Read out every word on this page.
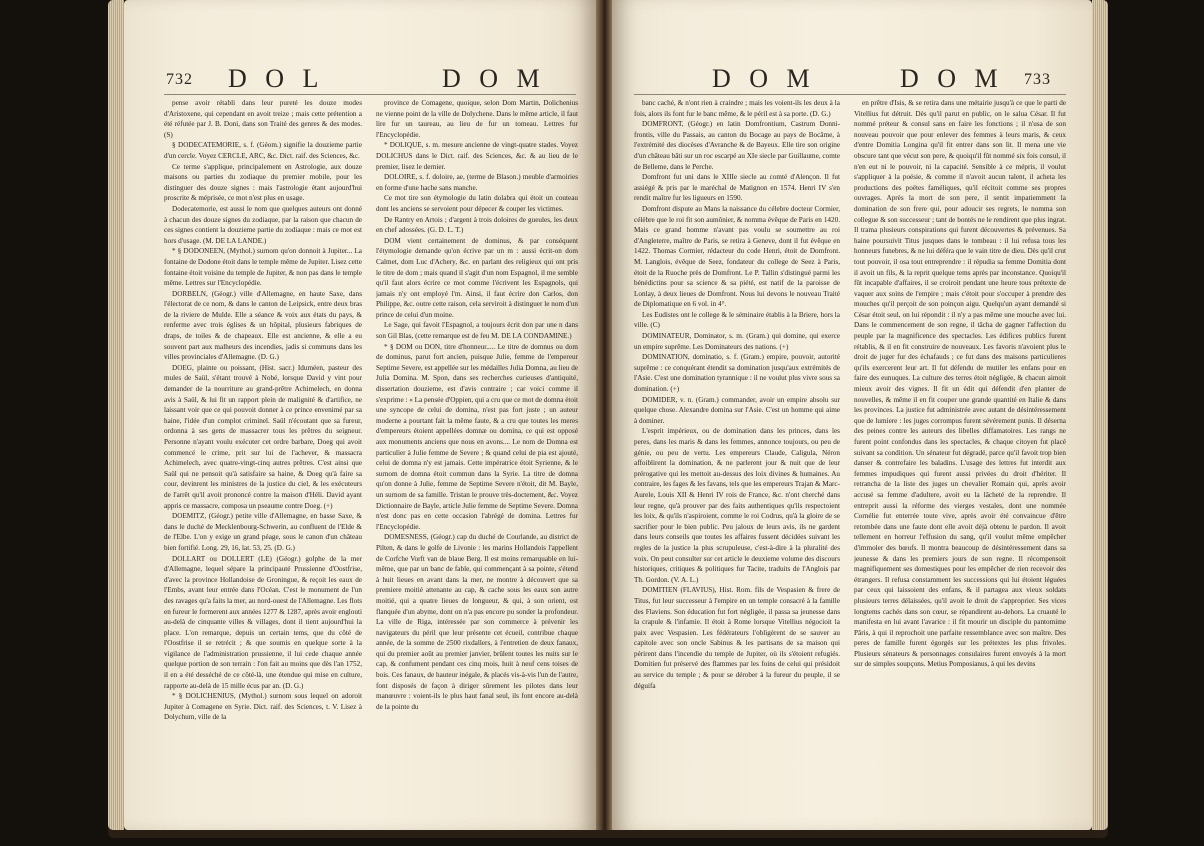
732 D O L	D O M

pense avoir rétabli dans leur pureté les douze modes d'Aristoxene, qui cependant en avoit treize ; mais cette prétention a été réfutée par J. B. Doni, dans son Traité des genres & des modes. (S)

§ DODECATEMORIE, s. f. (Géom.) signifie la douzieme partie d'un cercle. Voyez CERCLE, ARC, &c. Dict. raif. des Sciences, &c.

Ce terme s'applique, principalement en Astrologie, aux douze maisons ou parties du zodiaque du premier mobile, pour les distinguer des douze signes : mais l'astrologie étant aujourd'hui proscrite & méprisée, ce mot n'est plus en usage.

Dodecatemorie, est aussi le nom que quelques auteurs ont donné à chacun des douze signes du zodiaque, par la raison que chacun de ces signes contient la douzieme partie du zodiaque : mais ce mot est hors d'usage. (M. DE LA LANDE.)

* § DODONEEN, (Mythol.) surnom qu'on donnoit à Jupiter... La fontaine de Dodone étoit dans le temple même de Jupiter. Lisez cette fontaine étoit voisine du temple de Jupiter, & non pas dans le temple même. Lettres sur l'Encyclopédie.

DORBELN, (Géogr.) ville d'Allemagne, en haute Saxe, dans l'électorat de ce nom, & dans le canton de Leipsick, entre deux bras de la riviere de Mulde. Elle a séance & voix aux états du pays, & renferme avec trois églises & un hôpital, plusieurs fabriques de draps, de toiles & de chapeaux. Elle est ancienne, & elle a eu souvent part aux malheurs des incendies, jadis si communs dans les villes provinciales d'Allemagne. (D. G.)

DOEG, plainte ou poissant, (Hist. sacr.) Iduméen, pasteur des mules de Saül, s'étant trouvé à Nobé, lorsque David y vint pour demander de la nourriture au grand-prêtre Achimelech, en donna avis à Saül, & lui fit un rapport plein de malignité & d'artifice, ne laissant voir que ce qui pouvoit donner à ce prince envenimé par sa haine, l'idée d'un complot criminel. Saül n'écoutant que sa fureur, ordonna à ses gens de massacrer tous les prêtres du seigneur. Personne n'ayant voulu exécuter cet ordre barbare, Doeg qui avoit commencé le crime, prit sur lui de l'achever, & massacra Achimelech, avec quatre-vingt-cinq autres prêtres. C'est ainsi que Saül qui ne pensoit qu'à satisfaire sa haine, & Doeg qu'à faire sa cour, devinrent les ministres de la justice du ciel, & les exécuteurs de l'arrêt qu'il avoit prononcé contre la maison d'Héli. David ayant appris ce massacre, composa un pseaume contre Doeg. (+)

DOEMITZ, (Géogr.) petite ville d'Allemagne, en basse Saxe, & dans le duché de Mecklenbourg-Schwerin, au confluent de l'Elde & de l'Elbe. L'on y exige un grand péage, sous le canon d'un château bien fortifié. Long. 29, 16, lat. 53, 25. (D. G.)

DOLLART ou DOLLERT (LE) (Géogr.) golphe de la mer d'Allemagne, lequel sépare la principauté Prussienne d'Oostfrise, d'avec la province Hollandoise de Groningue, & reçoit les eaux de l'Embs, avant leur entrée dans l'Océan. C'est le monument de l'un des ravages qu'a faits la mer, au nord-ouest de l'Allemagne. Les flots en fureur le formerent aux années 1277 & 1287, après avoir englouti au-delà de cinquante villes & villages, dont il tient aujourd'hui la place. L'on remarque, depuis un certain tems, que du côté de l'Oostfrise il se retrécit ; & que soumis en quelque sorte à la vigilance de l'administration prussienne, il lui cede chaque année quelque portion de son terrain : l'on fait au moins que dès l'an 1752, il en a été desséché de ce côté-là, une étendue qui mise en culture, rapporte au-delà de 15 mille écus par an. (D. G.)

* § DOLICHENIUS, (Mythol.) surnom sous lequel on adoroit Jupiter à Comagene en Syrie. Dict. raif. des Sciences, t. V. Lisez à Dolychum, ville de la

province de Comagene, quoique, selon Dom Martin, Dolichenius ne vienne point de la ville de Dolychene. Dans le même article, il faut lire fur un taureau, au lieu de fur un tomeau. Lettres fur l'Encyclopédie.

* DOLIQUE, s. m. mesure ancienne de vingt-quatre stades. Voyez DOLICHUS dans le Dict. raif. des Sciences, &c. & au lieu de le premier, lisez le dernier.

DOLOIRE, s. f. doloire, ae, (terme de Blason.) meuble d'armoiries en forme d'une hache sans manche.

Ce mot tire son étymologie du latin dolabra qui étoit un couteau dont les anciens se servoient pour dépecer & couper les victimes.

De Rantry en Artois ; d'argent à trois doloires de gueules, les deux en chef adossées. (G. D. L. T.)

DOM vient certainement de dominus, & par conséquent l'étymologie demande qu'on écrive par un m : aussi écrit-on dom Calmet, dom Luc d'Achery, &c. en parlant des religieux qui ont pris le titre de dom ; mais quand il s'agit d'un nom Espagnol, il me semble qu'il faut alors écrire ce mot comme l'écrivent les Espagnols, qui jamais n'y ont employé l'm. Ainsi, il faut écrire don Carlos, don Philippe, &c. outre cette raison, cela serviroit à distinguer le nom d'un prince de celui d'un moine.

Le Sage, qui favoit l'Espagnol, a toujours écrit don par une n dans son Gil Blas, (cette remarque est de feu M. DE LA CONDAMINE.)

* § DOM ou DON, titre d'honneur..... Le titre de domnus ou dom de dominus, parut fort ancien, puisque Julie, femme de l'empereur Septime Severe, est appellée sur les médailles Julia Domna, au lieu de Julia Domina. M. Spon, dans ses recherches curieuses d'antiquité, dissertation douzieme, est d'avis contraire ; car voici comme il s'exprime : « La pensée d'Oppien, qui a cru que ce mot de domna étoit une syncope de celui de domina, n'est pas fort juste ; un auteur moderne a pourtant fait la même faute, & a cru que toutes les meres d'empereurs étoient appellées domnæ ou domina, ce qui est opposé aux monuments anciens que nous en avons.... Le nom de Domna est particulier à Julie femme de Severe ; & quand celui de pia est ajouté, celui de domna n'y est jamais. Cette impératrice étoit Syrienne, & le surnom de domna étoit commun dans la Syrie. La titre de domna qu'on donne à Julie, femme de Septime Severe n'étoit, dit M. Bayle, un surnom de sa famille. Tristan le prouve très-doctement, &c. Voyez Dictionnaire de Bayle, article Julie femme de Septime Severe. Domna n'est donc pas en cette occasion l'abrégé de domina. Lettres fur l'Encyclopédie.

DOMESNESS, (Géogr.) cap du duché de Courlande, au district de Pilten, & dans le golfe de Livonie : les marins Hollandois l'appellent de Corfche Vorft van de blaue Berg. Il est moins remarquable en lui-même, que par un banc de fable, qui commençant à sa pointe, s'étend à huit lieues en avant dans la mer, ne montre à découvert que sa premiere moitié attenante au cap, & cache sous les eaux son autre moitié, qui a quatre lieues de longueur, & qui, à son orient, est flanquée d'un abyme, dont on n'a pas encore pu sonder la profondeur. La ville de Riga, intéressée par son commerce à prévenir les navigateurs du péril que leur présente cet écueil, contribue chaque année, de la somme de 2500 rixdallers, à l'entretien de deux fanaux, qui du premier août au premier janvier, brûlent toutes les nuits sur le cap, & confument pendant ces cinq mois, huit à neuf cens toises de bois. Ces fanaux, de hauteur inégale, & placés vis-à-vis l'un de l'autre, font disposés de façon à diriger sûrement les pilotes dans leur manœuvre : voient-ils le plus haut fanal seul, ils font encore au-delà de la pointe du

D O M	D O M 733

banc caché, & n'ont rien à craindre ; mais les voient-ils les deux à la fois, alors ils font fur le banc même, & le péril est à sa porte. (D. G.)

DOMFRONT, (Géogr.) en latin Domfrontium, Castrum Donni-frontis, ville du Passais, au canton du Bocage au pays de Bocâme, à l'extrémité des diocèses d'Avranche & de Bayeux. Elle tire son origine d'un château bâti sur un roc escarpé au XIe siecle par Guillaume, comte de Belleme, dans le Perche.

Domfront fut uni dans le XIIIe siecle au comté d'Alençon. Il fut assiégé & pris par le maréchal de Matignon en 1574. Henri IV s'en rendit maître fur les ligueurs en 1590.

Domfront dispute au Mans la naissance du célebre docteur Cormier, célèbre que le roi fit son aumônier, & nomma évêque de Paris en 1420. Mais ce grand homme n'avant pas voulu se soumettre au roi d'Angleterre, maître de Paris, se retira à Geneve, dont il fut évêque en 1422. Thomas Cormier, rédacteur du code Henri, étoit de Domfront. M. Langlois, évêque de Seez, fondateur du college de Seez à Paris, étoit de la Ruoche près de Domfront. Le P. Tallin s'distingué parmi les bénédictins pour sa science & sa piété, est natif de la paroisse de Lonlay, à deux lieues de Domfront. Nous lui devons le nouveau Traité de Diplomatique en 6 vol. in 4°.

Les Eudistes ont le college & le séminaire établis à la Briere, hors la ville. (C)

DOMINATEUR, Dominator, s. m. (Gram.) qui domine, qui exerce un empire suprême. Les Dominateurs des nations. (+)

DOMINATION, dominatio, s. f. (Gram.) empire, pouvoir, autorité suprême : ce conquérant étendit sa domination jusqu'aux extrémités de l'Asie. C'est une domination tyrannique : il ne voulut plus vivre sous sa domination. (+)

DOMIDER, v. n. (Gram.) commander, avoir un empire absolu sur quelque chose. Alexandre domina sur l'Asie. C'est un homme qui aime à dominer.

L'esprit impérieux, ou de domination dans les princes, dans les peres, dans les maris & dans les femmes, annonce toujours, ou peu de génie, ou peu de vertu. Les empereurs Claude, Caligula, Néron affoiblirent la domination, & ne parlerent jour & nuit que de leur prérogative qui les mettoit au-dessus des loix divines & humaines. Au contraire, les fages & les favans, tels que les empereurs Trajan & Marc-Aurele, Louis XII & Henri IV rois de France, &c. n'ont cherché dans leur regne, qu'à prouver par des faits authentiques qu'ils respectoient les loix, & qu'ils n'aspiroient, comme le roi Codrus, qu'à la gloire de se sacrifier pour le bien public. Peu jaloux de leurs avis, ils ne gardent dans leurs conseils que toutes les affaires fussent décidées suivant les regles de la justice la plus scrupuleuse, c'est-à-dire à la pluralité des voix. On peut consulter sur cet article le deuxieme volume des discours historiques, critiques & politiques fur Tacite, traduits de l'Anglois par Th. Gordon. (V. A. L.)

DOMITIEN (FLAVIUS), Hist. Rom. fils de Vespasien & frere de Titus, fut leur successeur à l'empire en un temple consacré à la famille des Flaviens. Son éducation fut fort négligée, il passa sa jeunesse dans la crapule & l'infamie. Il étoit à Rome lorsque Vitellius négocioit la paix avec Vespasien. Les fédérateurs l'obligèrent de se sauver au capitole avec son oncle Sabinus & les partisans de sa maison qui périrent dans l'incendie du temple de Jupiter, où ils s'étoient refugiés. Domitien fut préservé des flammes par les foins de celui qui présidoit au service du temple ; & pour se dérober à la fureur du peuple, il se déguifa

en prêtre d'Isis, & se retira dans une métairie jusqu'à ce que le parti de Vitellius fut détruit. Dès qu'il parut en public, on le salua César. Il fut nommé préteur & consul sans en faire les fonctions ; il n'usa de son nouveau pouvoir que pour enlever des femmes à leurs maris, & ceux d'entre Domitia Longina qu'il fit entrer dans son lit. Il mena une vie obscure tant que vécut son pere, & quoiqu'il fût nommé six fois consul, il n'en eut ni le pouvoir, ni la capacité. Sensible à ce mépris, il voulut s'appliquer à la poésie, & comme il n'avoit aucun talent, il acheta les productions des poëtes faméliques, qu'il récitoit comme ses propres ouvrages. Après la mort de son pere, il sentit impatiemment la domination de son frere qui, pour adoucir ses regrets, le nomma son collegue & son successeur ; tant de bontés ne le rendirent que plus ingrat. Il trama plusieurs conspirations qui furent découvertes & prévenues. Sa haine poursuivit Titus jusques dans le tombeau : il lui refusa tous les honneurs funebres, & ne lui déféra que le vain titre de dieu. Dès qu'il crut tout pouvoir, il osa tout entreprendre : il répudia sa femme Domitia dont il avoit un fils, & la reprit quelque tems après par inconstance. Quoiqu'il fût incapable d'affaires, il se croiroit pendant une heure tous prétexte de vaquer aux soins de l'empire ; mais c'étoit pour s'occuper à prendre des mouches qu'il perçoit de son poinçon aigu. Quelqu'un ayant demandé si César étoit seul, on lui répondit : il n'y a pas même une mouche avec lui. Dans le commencement de son regne, il tâcha de gagner l'affection du peuple par la magnificence des spectacles. Les édifices publics furent rétablis, & il en fit construire de nouveaux. Les favoris n'avoient plus le droit de juger fur des échafauds ; ce fut dans des maisons particulieres qu'ils exercerent leur art. Il fut défendu de mutiler les enfans pour en faire des eunuques. La culture des terres étoit négligée, & chacun aimoit mieux avoir des vignes. Il fit un édit qui défendit d'en planter de nouvelles, & même il en fit couper une grande quantité en Italie & dans les provinces. La justice fut administrée avec autant de désintéressement que de lumiere : les juges corrompus furent sévérement punis. Il déserna des peines contre les auteurs des libelles diffamatoires. Les rangs ne furent point confondus dans les spectacles, & chaque citoyen fut placé suivant sa condition. Un sénateur fut dégradé, parce qu'il favoit trop bien danser & contrefaire les baladins. L'usage des lettres fut interdit aux femmes impudiques qui furent aussi privées du droit d'hériter. Il retrancha de la liste des juges un chevalier Romain qui, après avoir accusé sa femme d'adultere, avoit eu la lâcheté de la reprendre. Il entreprit aussi la réforme des vierges vestales, dont une nommée Cornélie fut enterrée toute vive, après avoir été convaincue d'être retombée dans une faute dont elle avoit déjà obtenu le pardon. Il avoit tellement en horreur l'effusion du sang, qu'il voulut même empêcher d'immoler des bœufs. Il montra beaucoup de désintéressement dans sa jeunesse & dans les premiers jours de son regne. Il récompensoit magnifiquement ses domestiques pour les empêcher de rien recevoir des étrangers. Il refusa constamment les successions qui lui étoient léguées par ceux qui laissoient des enfans, & il partagea aux vieux soldats plusieurs terres délaissées, qu'il avoit le droit de s'approprier. Ses vices longtems cachés dans son cœur, se répandirent au-dehors. La cruauté le manifesta en lui avant l'avarice : il fit mourir un disciple du pantomime Pâris, à qui il reprochoit une parfaite ressemblance avec son maître. Des peres de famille furent égorgés sur les prétextes les plus frivoles. Plusieurs sénateurs & personnages consulaires furent envoyés à la mort sur de simples soupçons. Metius Pomposianus, à qui les devins
